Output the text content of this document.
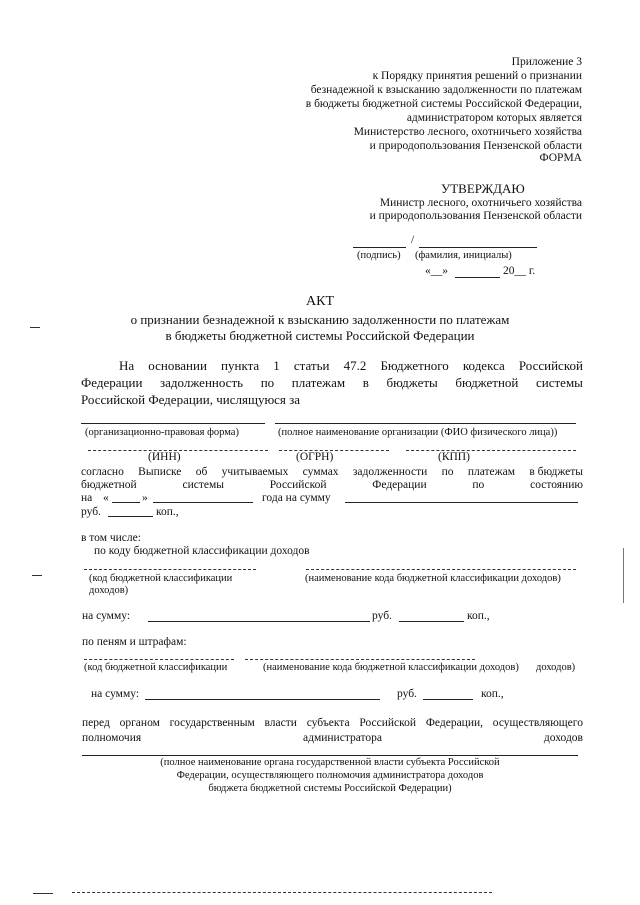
Приложение 3
к Порядку принятия решений о признании
безнадежной к взысканию задолженности по платежам
в бюджеты бюджетной системы Российской Федерации,
администратором которых является
Министерство лесного, охотничьего хозяйства
и природопользования Пензенской области
ФОРМА
УТВЕРЖДАЮ
Министр лесного, охотничьего хозяйства
и природопользования Пензенской области
/
(подпись) (фамилия, инициалы)
«__»	20__ г.
АКТ
о признании безнадежной к взысканию задолженности по платежам
в бюджеты бюджетной системы Российской Федерации
На основании пункта 1 статьи 47.2 Бюджетного кодекса Российской
Федерации задолженность по платежам в бюджеты бюджетной системы
Российской Федерации, числящуюся за
(организационно-правовая форма)	(полное наименование организации (ФИО физического лица))
(ИНН)	(ОГРН)	(КПП)
согласно Выписке об учитываемых суммах задолженности по платежам в бюджеты
бюджетной	системы	Российской	Федерации	по	состоянию
на «	»	года на сумму
руб.	коп.,
в том числе:
по коду бюджетной классификации доходов
(код бюджетной классификации
доходов)
(наименование кода бюджетной классификации доходов)
на сумму:	руб.	коп.,
по пеням и штрафам:
(код бюджетной классификации	(наименование кода бюджетной классификации доходов) доходов)
на сумму:	руб.	коп.,
перед органом государственным власти субъекта Российской Федерации, осуществляющего
полномочия	администратора	доходов
(полное наименование органа государственной власти субъекта Российской
Федерации, осуществляющего полномочия администратора доходов
бюджета бюджетной системы Российской Федерации)
